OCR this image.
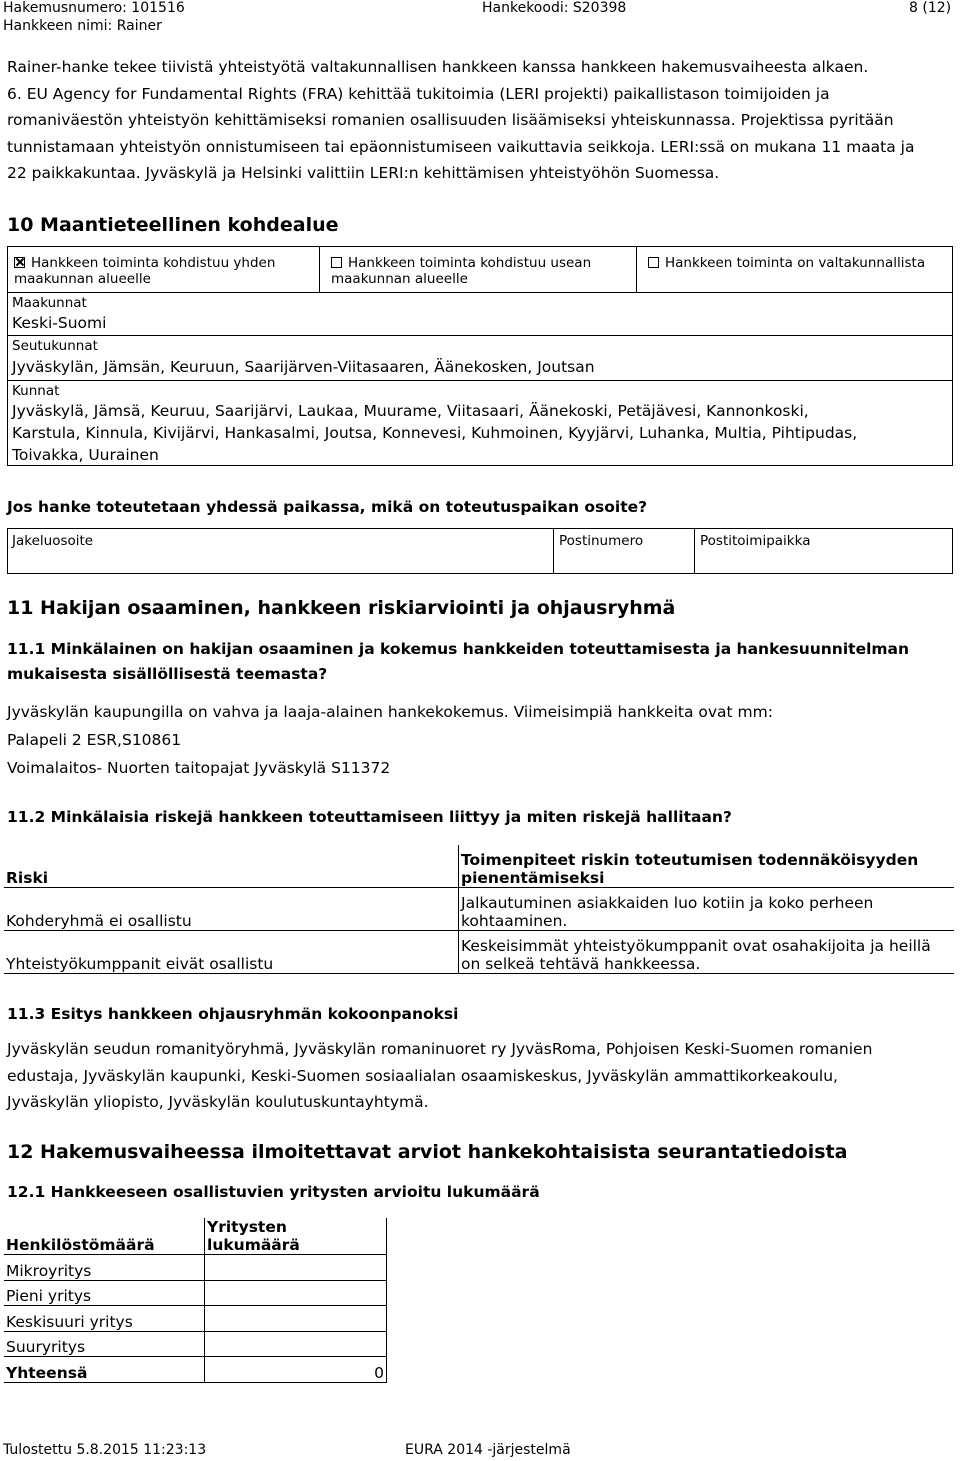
Hakemusnumero: 101516
Hankkeen nimi: Rainer
Hankekoodi: S20398	8 (12)
Rainer-hanke tekee tiivistä yhteistyötä valtakunnallisen hankkeen kanssa hankkeen hakemusvaiheesta alkaen.
6. EU Agency for Fundamental Rights (FRA) kehittää tukitoimia (LERI projekti) paikallistason toimijoiden ja
romaniväestön yhteistyön kehittämiseksi romanien osallisuuden lisäämiseksi yhteiskunnassa. Projektissa pyritään
tunnistamaan yhteistyön onnistumiseen tai epäonnistumiseen vaikuttavia seikkoja. LERI:ssä on mukana 11 maata ja
22 paikkakuntaa. Jyväskylä ja Helsinki valittiin LERI:n kehittämisen yhteistyöhön Suomessa.
10 Maantieteellinen kohdealue
Hankkeen toiminta kohdistuu yhden
maakunnan alueelle
Hankkeen toiminta kohdistuu usean
maakunnan alueelle
Hankkeen toiminta on valtakunnallista
Maakunnat
Keski-Suomi
Seutukunnat
Jyväskylän, Jämsän, Keuruun, Saarijärven-Viitasaaren, Äänekosken, Joutsan
Kunnat
Jyväskylä, Jämsä, Keuruu, Saarijärvi, Laukaa, Muurame, Viitasaari, Äänekoski, Petäjävesi, Kannonkoski,
Karstula, Kinnula, Kivijärvi, Hankasalmi, Joutsa, Konnevesi, Kuhmoinen, Kyyjärvi, Luhanka, Multia, Pihtipudas,
Toivakka, Uurainen
Jos hanke toteutetaan yhdessä paikassa, mikä on toteutuspaikan osoite?
Jakeluosoite	Postinumero	Postitoimipaikka
11 Hakijan osaaminen, hankkeen riskiarviointi ja ohjausryhmä
11.1 Minkälainen on hakijan osaaminen ja kokemus hankkeiden toteuttamisesta ja hankesuunnitelman
mukaisesta sisällöllisestä teemasta?
Jyväskylän kaupungilla on vahva ja laaja-alainen hankekokemus. Viimeisimpiä hankkeita ovat mm:
Palapeli 2 ESR,S10861
Voimalaitos- Nuorten taitopajat Jyväskylä S11372
11.2 Minkälaisia riskejä hankkeen toteuttamiseen liittyy ja miten riskejä hallitaan?
Riski	Toimenpiteet riskin toteutumisen todennäköisyyden
pienentämiseksi

Kohderyhmä ei osallistu	Jalkautuminen asiakkaiden luo kotiin ja koko perheen
kohtaaminen.

Yhteistyökumppanit eivät osallistu	Keskeisimmät yhteistyökumppanit ovat osahakijoita ja heillä
on selkeä tehtävä hankkeessa.
11.3 Esitys hankkeen ohjausryhmän kokoonpanoksi
Jyväskylän seudun romanityöryhmä, Jyväskylän romaninuoret ry JyväsRoma, Pohjoisen Keski-Suomen romanien
edustaja, Jyväskylän kaupunki, Keski-Suomen sosiaalialan osaamiskeskus, Jyväskylän ammattikorkeakoulu,
Jyväskylän yliopisto, Jyväskylän koulutuskuntayhtymä.
12 Hakemusvaiheessa ilmoitettavat arviot hankekohtaisista seurantatiedoista
12.1 Hankkeeseen osallistuvien yritysten arvioitu lukumäärä
Henkilöstömäärä	Yritysten lukumäärä
Mikroyritys	
Pieni yritys	
Keskisuuri yritys	
Suuryritys	
Yhteensä	0
Tulostettu 5.8.2015 11:23:13	EURA 2014 -järjestelmä
